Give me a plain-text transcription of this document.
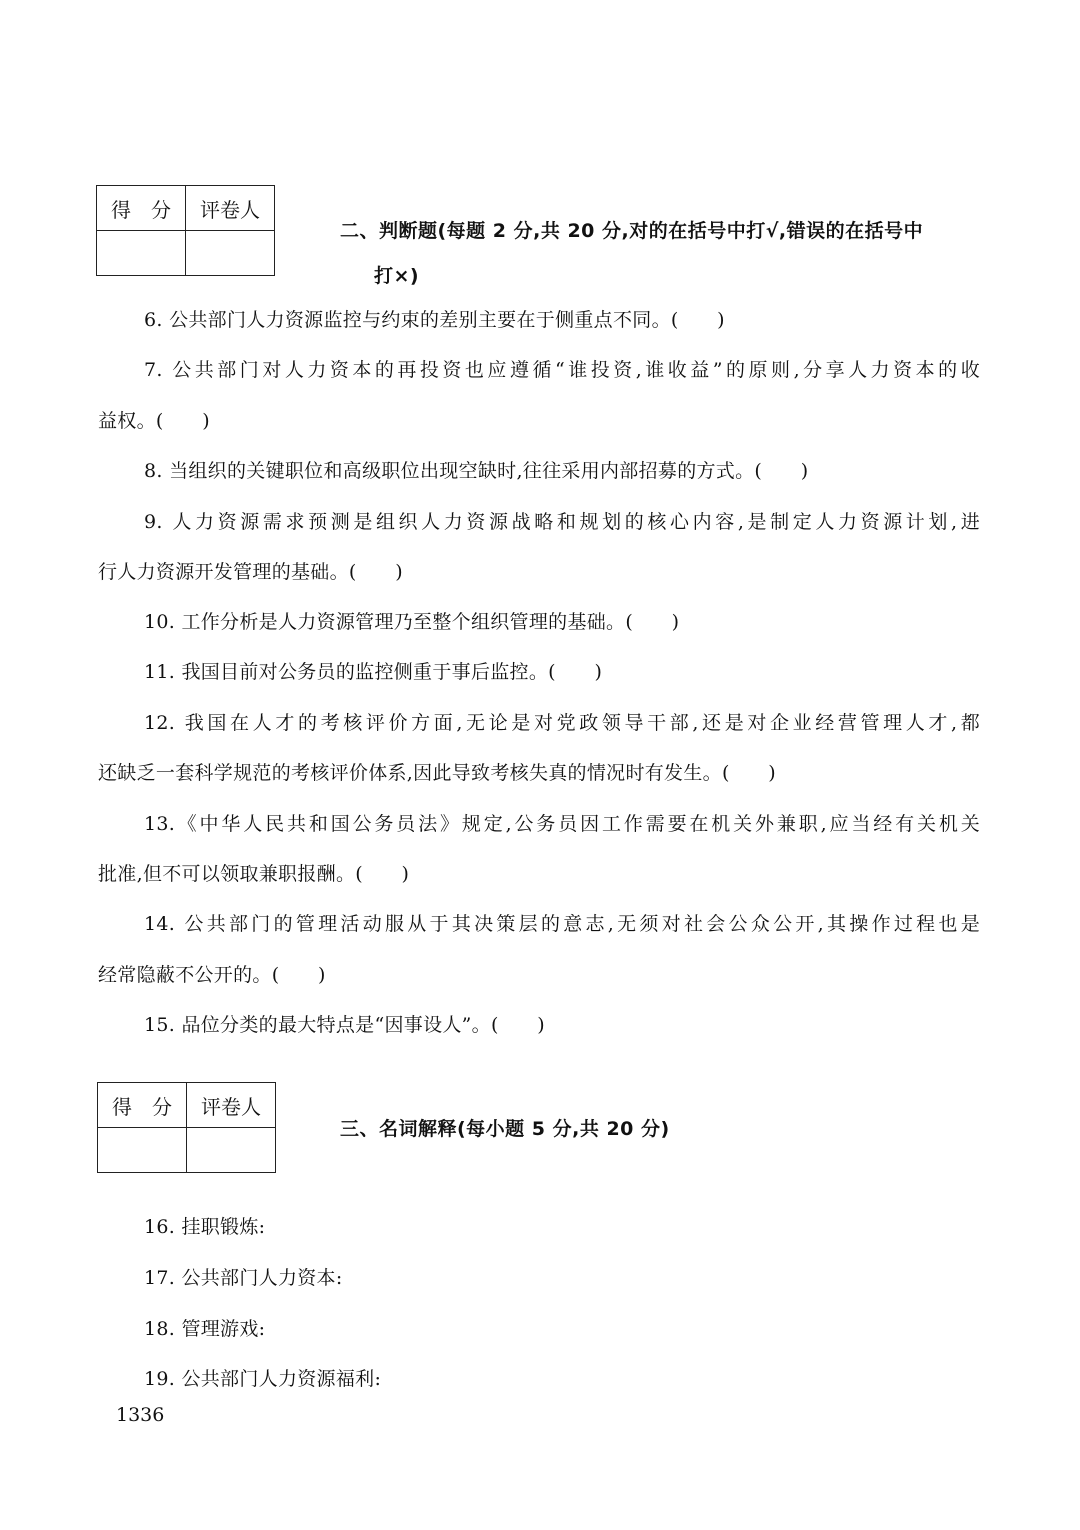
得　分	评卷人

二、判断题(每题 2 分,共 20 分,对的在括号中打√,错误的在括号中
打×)
6. 公共部门人力资源监控与约束的差别主要在于侧重点不同。(　　)
7. 公共部门对人力资本的再投资也应遵循“谁投资,谁收益”的原则,分享人力资本的收
益权。(　　)
8. 当组织的关键职位和高级职位出现空缺时,往往采用内部招募的方式。(　　)
9. 人力资源需求预测是组织人力资源战略和规划的核心内容,是制定人力资源计划,进
行人力资源开发管理的基础。(　　)
10. 工作分析是人力资源管理乃至整个组织管理的基础。(　　)
11. 我国目前对公务员的监控侧重于事后监控。(　　)
12. 我国在人才的考核评价方面,无论是对党政领导干部,还是对企业经营管理人才,都
还缺乏一套科学规范的考核评价体系,因此导致考核失真的情况时有发生。(　　)
13.《中华人民共和国公务员法》规定,公务员因工作需要在机关外兼职,应当经有关机关
批准,但不可以领取兼职报酬。(　　)
14. 公共部门的管理活动服从于其决策层的意志,无须对社会公众公开,其操作过程也是
经常隐蔽不公开的。(　　)
15. 品位分类的最大特点是“因事设人”。(　　)
得　分	评卷人

三、名词解释(每小题 5 分,共 20 分)
16. 挂职锻炼:
17. 公共部门人力资本:
18. 管理游戏:
19. 公共部门人力资源福利:
1336
